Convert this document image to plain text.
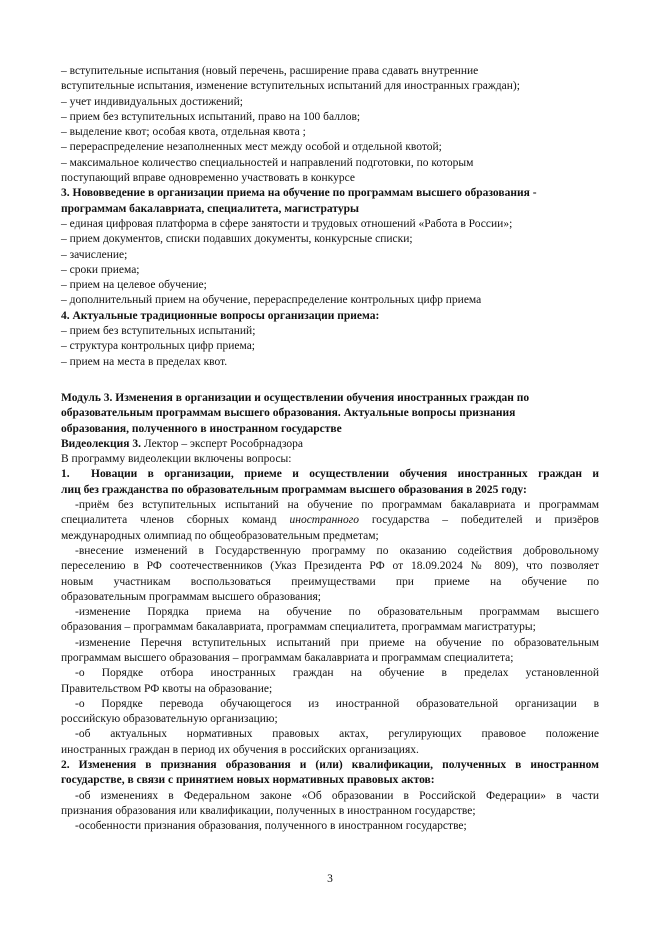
– вступительные испытания (новый перечень, расширение права сдавать внутренние
вступительные испытания, изменение вступительных испытаний для иностранных граждан);
– учет индивидуальных достижений;
– прием без вступительных испытаний, право на 100 баллов;
– выделение квот; особая квота, отдельная квота ;
– перераспределение незаполненных мест между особой и отдельной квотой;
– максимальное количество специальностей и направлений подготовки, по которым
поступающий вправе одновременно участвовать в конкурсе
3. Нововведение в организации приема на обучение по программам высшего образования -
программам бакалавриата, специалитета, магистратуры
– единая цифровая платформа в сфере занятости и трудовых отношений «Работа в России»;
– прием документов, списки подавших документы, конкурсные списки;
– зачисление;
– сроки приема;
– прием на целевое обучение;
– дополнительный прием на обучение, перераспределение контрольных цифр приема
4. Актуальные традиционные вопросы организации приема:
– прием без вступительных испытаний;
– структура контрольных цифр приема;
– прием на места в пределах квот.
Модуль 3. Изменения в организации и осуществлении обучения иностранных граждан по
образовательным программам высшего образования. Актуальные вопросы признания
образования, полученного в иностранном государстве
Видеолекция 3. Лектор – эксперт Рособрнадзора
В программу видеолекции включены вопросы:
1. Новации в организации, приеме и осуществлении обучения иностранных граждан и
лиц без гражданства по образовательным программам высшего образования в 2025 году:
-приём без вступительных испытаний на обучение по программам бакалавриата и программам
специалитета членов сборных команд иностранного государства – победителей и призёров
международных олимпиад по общеобразовательным предметам;
-внесение изменений в Государственную программу по оказанию содействия добровольному
переселению в РФ соотечественников (Указ Президента РФ от 18.09.2024 № 809), что позволяет
новым участникам воспользоваться преимуществами при приеме на обучение по
образовательным программам высшего образования;
-изменение Порядка приема на обучение по образовательным программам высшего
образования – программам бакалавриата, программам специалитета, программам магистратуры;
-изменение Перечня вступительных испытаний при приеме на обучение по образовательным
программам высшего образования – программам бакалавриата и программам специалитета;
-о Порядке отбора иностранных граждан на обучение в пределах установленной
Правительством РФ квоты на образование;
-о Порядке перевода обучающегося из иностранной образовательной организации в
российскую образовательную организацию;
-об актуальных нормативных правовых актах, регулирующих правовое положение
иностранных граждан в период их обучения в российских организациях.
2. Изменения в признания образования и (или) квалификации, полученных в иностранном
государстве, в связи с принятием новых нормативных правовых актов:
-об изменениях в Федеральном законе «Об образовании в Российской Федерации» в части
признания образования или квалификации, полученных в иностранном государстве;
-особенности признания образования, полученного в иностранном государстве;
3
